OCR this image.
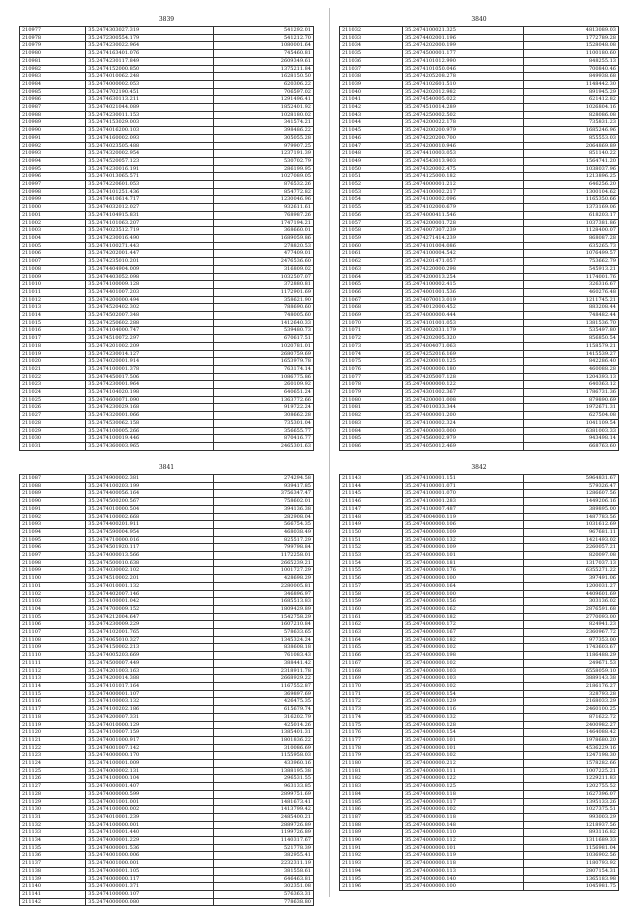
3839
210977	35.2474303027.319	541292.01
210978	35.2472300554.179	541212.70
210979	35.2474230022.964	1080001.64
210980	35.2474163401.076	745460.81
210981	35.2474230117.849	2609349.61
210982	35.2474152000.850	1375211.84
210983	35.2474010062.248	1628150.50
210984	35.2474000002.053	620306.22
210985	35.2474702190.451	706597.02
210986	35.2474630113.211	1291496.41
210987	35.2474021044.089	1852401.92
210988	35.2474230011.153	1028180.02
210989	35.2474153029.003	341574.21
210990	35.2474016200.103	398486.22
210991	35.2474160002.093	305055.28
210992	35.2474023505.488	979907.25
210993	35.2474320002.954	1237191.39
210994	35.2474520057.123	530702.79
210995	35.2474230016.191	286199.95
210996	35.2474013065.571	1027089.05
210997	35.2474220601.053	876532.26
210998	35.2474101251.436	854772.82
210999	35.2474410614.717	1230046.96
211000	35.2474032012.027	932611.61
211001	35.2474104915.831	768987.26
211002	35.2474101063.207	1747194.21
211003	35.2474023512.719	368660.01
211004	35.2474230016.490	1689059.86
211005	35.2474100271.443	278820.53
211006	35.2474202001.447	477409.01
211007	35.2474235010.201	2476536.60
211008	35.2474404904.009	316809.02
211009	35.2474403052.098	1032507.07
211010	35.2474100009.128	372880.81
211011	35.2474401007.203	1172901.69
211012	35.2474200000.494	358621.90
211013	35.2474520402.302	788690.60
211014	35.2474502007.348	748005.60
211015	35.2474250602.288	1412640.33
211016	35.2474104000.747	539480.73
211017	35.2474510072.297	670617.51
211018	35.2474201002.209	1020781.01
211019	35.2474230014.127	2680759.69
211020	35.2474020001.914	1653979.78
211021	35.2474100001.378	763174.14
211022	35.2474450017.506	1086775.86
211023	35.2474230001.964	260109.92
211024	35.2474104020.198	640651.24
211025	35.2474600071.090	1363772.66
211026	35.2474230029.168	919722.24
211027	35.2474320001.066	308662.28
211028	35.2474530062.158	735301.04
211029	35.2474100005.266	356655.77
211030	35.2474100019.446	870416.77
211031	35.2474360003.965	2465301.63
3840
211032	35.2474100021.325	4813089.03
211033	35.2474402001.196	1772789.28
211034	35.2474202000.199	1528048.08
211035	35.2474500001.177	1100180.60
211036	35.2474101012.990	848255.13
211037	35.2474101050.046	700840.46
211038	35.2474205208.278	849938.68
211039	35.2474102601.510	1148442.30
211040	35.2474202012.982	891945.29
211041	35.2474540005.022	621412.82
211042	35.2474510014.289	1026804.16
211043	35.2474250002.502	828086.08
211044	35.2474200022.178	735831.23
211045	35.2474200200.979	1685246.96
211046	35.2474220200.700	855553.03
211047	35.2474200010.946	2064869.89
211048	35.2474410003.053	851140.22
211049	35.2474543013.903	1564741.20
211050	35.2474320002.475	1038037.96
211051	35.2474125000.182	1213896.25
211052	35.2474000001.212	646256.20
211053	35.2474100002.217	1300104.62
211054	35.2474100002.096	1165350.66
211055	35.2474102000.679	1373169.06
211056	35.2474000411.546	618203.17
211057	35.2474200001.728	1037381.86
211058	35.2474007307.239	1128400.07
211059	35.2474271414.239	868087.28
211060	35.2474101004.086	635265.73
211061	35.2474100004.542	1076499.57
211062	35.2474201471.057	753662.79
211063	35.2474220000.298	545913.21
211064	35.2474200013.254	1174001.76
211065	35.2474100002.415	326316.67
211066	35.2474001001.536	460276.48
211067	35.2474070013.019	1211745.21
211068	35.2474012000.452	883208.44
211069	35.2474000000.444	748482.44
211070	35.2474101001.053	1381536.70
211071	35.2474002031.179	535497.80
211072	35.2474202005.320	856850.54
211073	35.2474004071.063	1158579.21
211074	35.2474252016.169	1415539.27
211075	35.2474200010.125	842286.40
211076	35.2474000000.180	460088.28
211077	35.2474205007.128	1204393.13
211078	35.2474000000.122	640363.12
211079	35.2474301002.367	1786731.36
211080	35.2474200001.008	879890.69
211081	35.2474010033.344	1972671.31
211082	35.2474000001.200	627504.08
211083	35.2474100002.324	1041109.54
211084	35.2474000003.000	6381003.33
211085	35.2474560002.979	943498.14
211086	35.2474050012.469	668763.60
3841
211087	35.2474900002.381	274294.58
211088	35.2474100203.199	939417.85
211089	35.2474400056.164	3756347.47
211090	35.2474500200.567	758602.01
211091	35.2474010000.504	394136.38
211092	35.2474100002.668	282908.04
211093	35.2474400201.911	566754.35
211094	35.2474590004.954	468038.49
211095	35.2474710000.016	825517.29
211096	35.2474501920.117	799798.84
211097	35.2474000013.566	1172258.01
211098	35.2474500010.638	2665239.21
211099	35.2474030002.102	1001727.29
211100	35.2474510002.201	428698.29
211101	35.2474010001.132	2280005.81
211102	35.2474402007.146	346896.97
211103	35.2474100001.042	1685513.83
211104	35.2474700009.152	1809429.89
211105	35.2474212004.647	1542758.29
211106	35.2474230009.229	1607210.84
211107	35.2474102001.765	578633.65
211108	35.2474065010.327	1345324.24
211109	35.2474150002.213	838608.18
211110	35.2474005203.669	761083.43
211111	35.2474500007.449	388441.42
211112	35.2474201003.163	2318911.78
211113	35.2474200014.388	2668929.22
211114	35.2474101017.164	1167552.87
211115	35.2474000001.107	369897.69
211116	35.2474100003.132	426475.35
211117	35.2474100202.186	615679.74
211118	35.2474200007.331	316202.79
211119	35.2474010000.129	425014.26
211120	35.2474100007.159	1385401.31
211121	35.2474001000.917	1801836.22
211122	35.2474001007.142	310086.69
211123	35.2474000000.170	1155958.03
211124	35.2474100001.009	433960.16
211125	35.2474000002.131	1388195.38
211126	35.2474100000.104	296531.55
211127	35.2474000001.407	963133.85
211128	35.2474000000.599	2899751.69
211129	35.2474001001.001	1481673.41
211130	35.2474100000.002	1413799.42
211131	35.2474010001.239	2485400.21
211132	35.2474100000.001	2889726.89
211133	35.2474100001.440	1199726.89
211134	35.2474000001.229	1140317.67
211135	35.2474000001.536	521778.39
211136	35.2474001000.006	382955.41
211137	35.2474001000.001	2232311.19
211138	35.2474000001.105	381558.61
211139	35.2474000000.117	646463.81
211140	35.2474000001.371	302351.08
211141	35.2474100000.107	576363.31
211142	35.2474000000.080	778638.80
3842
211143	35.2474100001.151	5964831.67
211144	35.2474100001.071	579326.47
211145	35.2474100001.070	1286607.56
211146	35.2474100001.283	1449206.16
211147	35.2474100007.487	389895.00
211148	35.2474004000.119	1487783.56
211149	35.2474000000.106	1031612.69
211150	35.2474000000.109	967681.11
211151	35.2474000000.132	1421493.02
211152	35.2474000000.109	2260057.21
211153	35.2474000000.101	820097.08
211154	35.2474000000.181	1317037.13
211155	35.2474000000.176	6355271.22
211156	35.2474000000.100	397491.06
211157	35.2474000000.164	1200031.27
211158	35.2474000000.100	4409601.69
211159	35.2474000000.156	303136.02
211160	35.2474000000.162	2876591.68
211161	35.2474000000.182	2770093.00
211162	35.2474000000.172	824941.23
211163	35.2474000000.167	2360967.72
211164	35.2474000000.182	977353.00
211165	35.2474000000.102	1743603.67
211166	35.2474000000.198	1186488.29
211167	35.2474000000.102	249671.53
211168	35.2474000000.103	6558059.10
211169	35.2474000000.103	3889143.38
211170	35.2474000000.102	2186176.27
211171	35.2474000000.154	328793.28
211172	35.2474000000.129	2168033.29
211173	35.2474000000.116	2460100.25
211174	35.2474000000.132	871622.72
211175	35.2474000000.128	2400982.27
211176	35.2474000000.154	1464088.42
211177	35.2474000000.101	1978680.20
211178	35.2474000000.101	4536229.16
211179	35.2474000000.102	1247198.30
211180	35.2474000000.212	1578282.66
211181	35.2474000000.111	1007225.21
211182	35.2474000000.122	1229211.83
211183	35.2474000000.125	1202755.52
211184	35.2474000000.118	1627396.07
211185	35.2474000000.117	1395133.26
211186	35.2474000000.102	1027375.51
211187	35.2474000000.118	993003.29
211188	35.2474000000.148	1218937.56
211189	35.2474000000.110	893116.82
211190	35.2474000000.112	1311689.33
211191	35.2474000000.101	1156981.04
211192	35.2474000000.119	1036902.56
211193	35.2474000000.118	1180793.92
211194	35.2474000000.113	2807154.31
211195	35.2474000000.140	1365183.98
211196	35.2474000000.100	1045981.75
